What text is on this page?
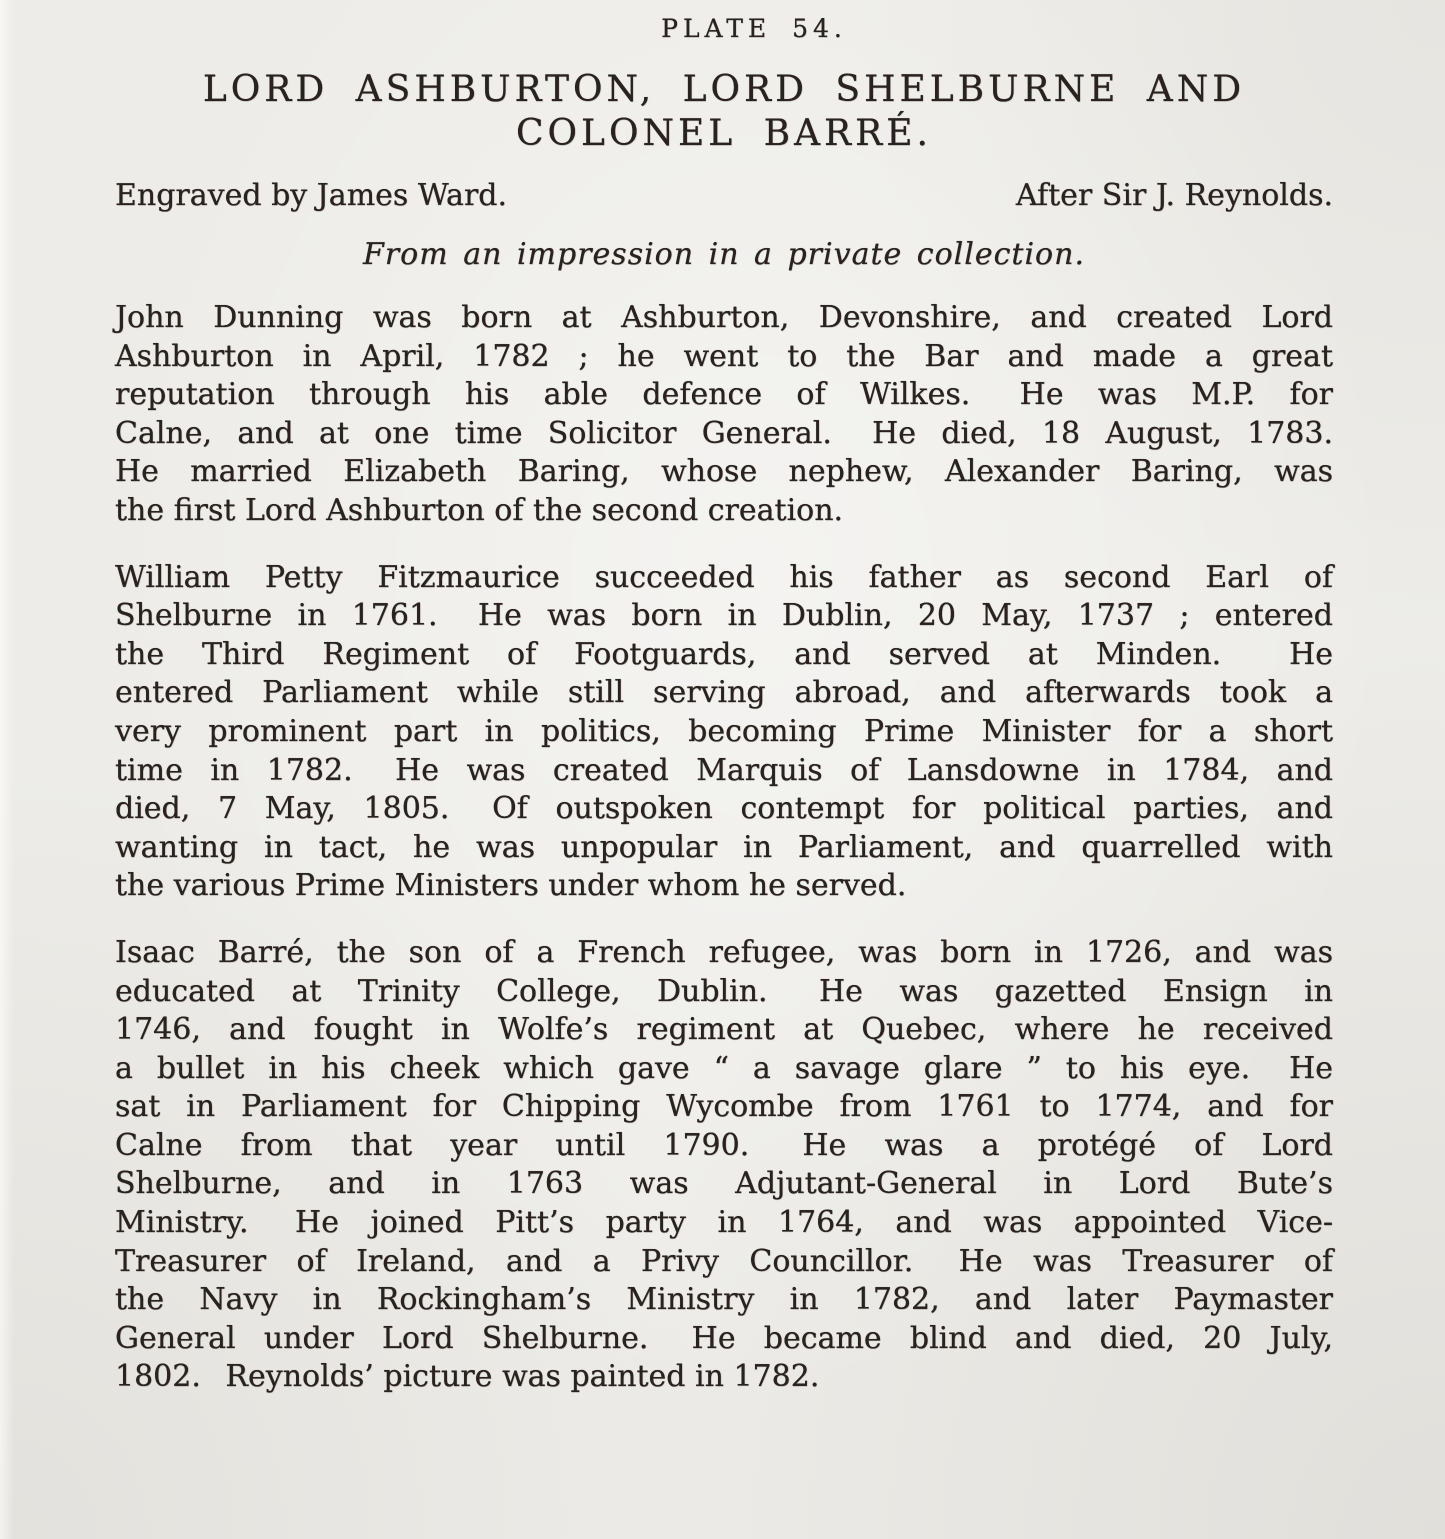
PLATE 54.
LORD ASHBURTON, LORD SHELBURNE AND
COLONEL BARRÉ.
Engraved by James Ward.	After Sir J. Reynolds.
From an impression in a private collection.
John Dunning was born at Ashburton, Devonshire, and created Lord
Ashburton in April, 1782 ; he went to the Bar and made a great
reputation through his able defence of Wilkes.  He was M.P. for
Calne, and at one time Solicitor General.  He died, 18 August, 1783.
He married Elizabeth Baring, whose nephew, Alexander Baring, was
the first Lord Ashburton of the second creation.
William Petty Fitzmaurice succeeded his father as second Earl of
Shelburne in 1761.  He was born in Dublin, 20 May, 1737 ; entered
the Third Regiment of Footguards, and served at Minden.   He
entered Parliament while still serving abroad, and afterwards took a
very prominent part in politics, becoming Prime Minister for a short
time in 1782.  He was created Marquis of Lansdowne in 1784, and
died, 7 May, 1805.  Of outspoken contempt for political parties, and
wanting in tact, he was unpopular in Parliament, and quarrelled with
the various Prime Ministers under whom he served.
Isaac Barré, the son of a French refugee, was born in 1726, and was
educated at Trinity College, Dublin.  He was gazetted Ensign in
1746, and fought in Wolfe’s regiment at Quebec, where he received
a bullet in his cheek which gave “ a savage glare ” to his eye.  He
sat in Parliament for Chipping Wycombe from 1761 to 1774, and for
Calne from that year until 1790.  He was a protégé of Lord
Shelburne, and in 1763 was Adjutant-General in Lord Bute’s
Ministry.  He joined Pitt’s party in 1764, and was appointed Vice-
Treasurer of Ireland, and a Privy Councillor.  He was Treasurer of
the Navy in Rockingham’s Ministry in 1782, and later Paymaster
General under Lord Shelburne.  He became blind and died, 20 July,
1802.  Reynolds’ picture was painted in 1782.
